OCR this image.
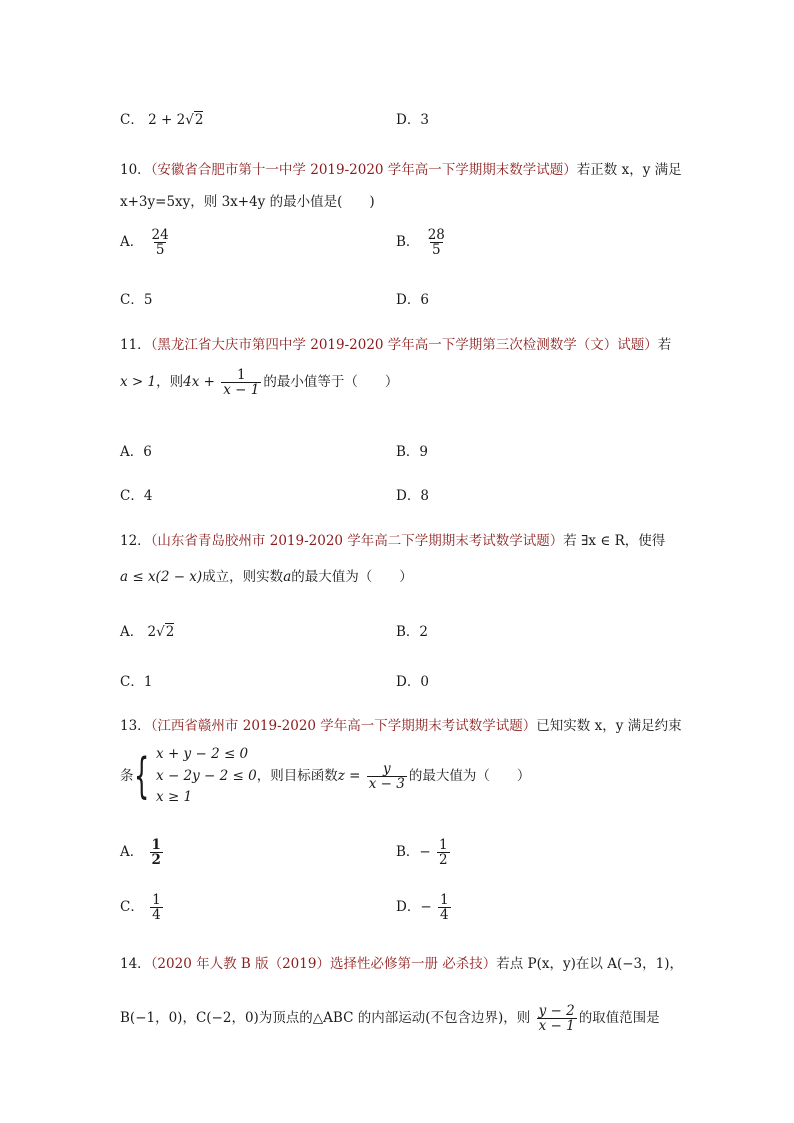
C． 2 + 2√2	D．3
10．（安徽省合肥市第十一中学 2019-2020 学年高一下学期期末数学试题）若正数 x，y 满足
x+3y=5xy，则 3x+4y 的最小值是(　　)
A． $\frac{24}{5}$	B． $\frac{28}{5}$
C．5	D．6
11．（黑龙江省大庆市第四中学 2019-2020 学年高一下学期第三次检测数学（文）试题）若
x > 1，则$4x + \frac{1}{x - 1}$ 的最小值等于（　　）
A．6	B．9
C．4	D．8
12．（山东省青岛胶州市 2019-2020 学年高二下学期期末考试数学试题）若 ∃x ∈ R，使得
a ≤ x(2 − x)成立，则实数a的最大值为（　　）
A． 2√2	B．2
C．1	D．0
13．（江西省赣州市 2019-2020 学年高一下学期期末考试数学试题）已知实数 x，y 满足约束
条{ x + y − 2 ≤ 0
x − 2y − 2 ≤ 0
x ≥ 1
，则目标函数$z = \frac{y}{x - 3}$ 的最大值为（　　）
A． $\frac{1}{2}$	B．− $\frac{1}{2}$
C． $\frac{1}{4}$	D．− $\frac{1}{4}$
14．（2020 年人教 B 版（2019）选择性必修第一册 必杀技）若点 P(x，y)在以 A(−3，1)，
B(−1，0)，C(−2，0)为顶点的△ABC 的内部运动(不包含边界)，则 $\frac{y - 2}{x - 1}$ 的取值范围是
